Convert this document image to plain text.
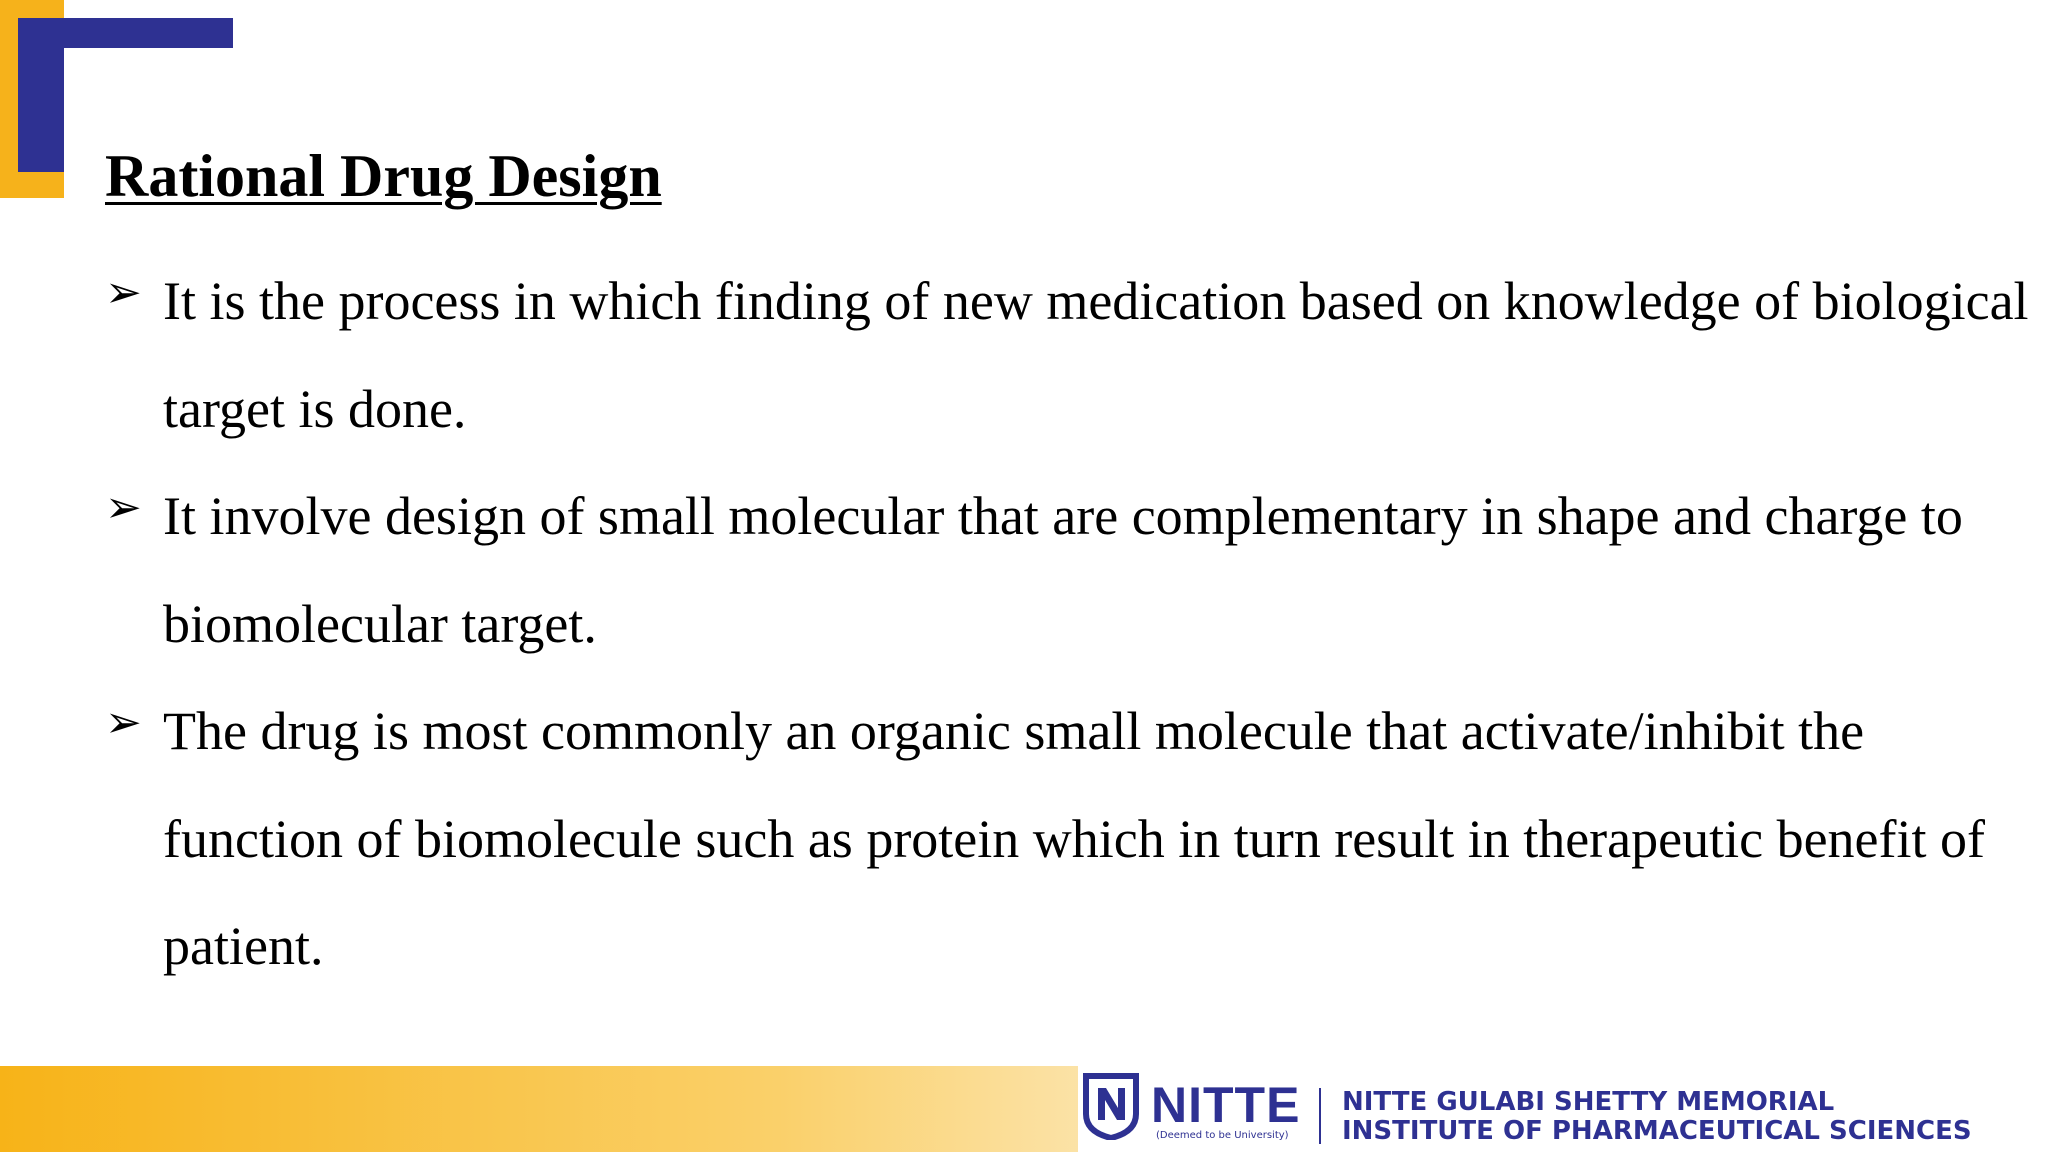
Rational Drug Design
➢ It is the process in which finding of new medication based on knowledge of biological target is done.
➢ It involve design of small molecular that are complementary in shape and charge to biomolecular target.
➢ The drug is most commonly an organic small molecule that activate/inhibit the function of biomolecule such as protein which in turn result in therapeutic benefit of patient.
NITTE
(Deemed to be University)
NITTE GULABI SHETTY MEMORIAL
INSTITUTE OF PHARMACEUTICAL SCIENCES
